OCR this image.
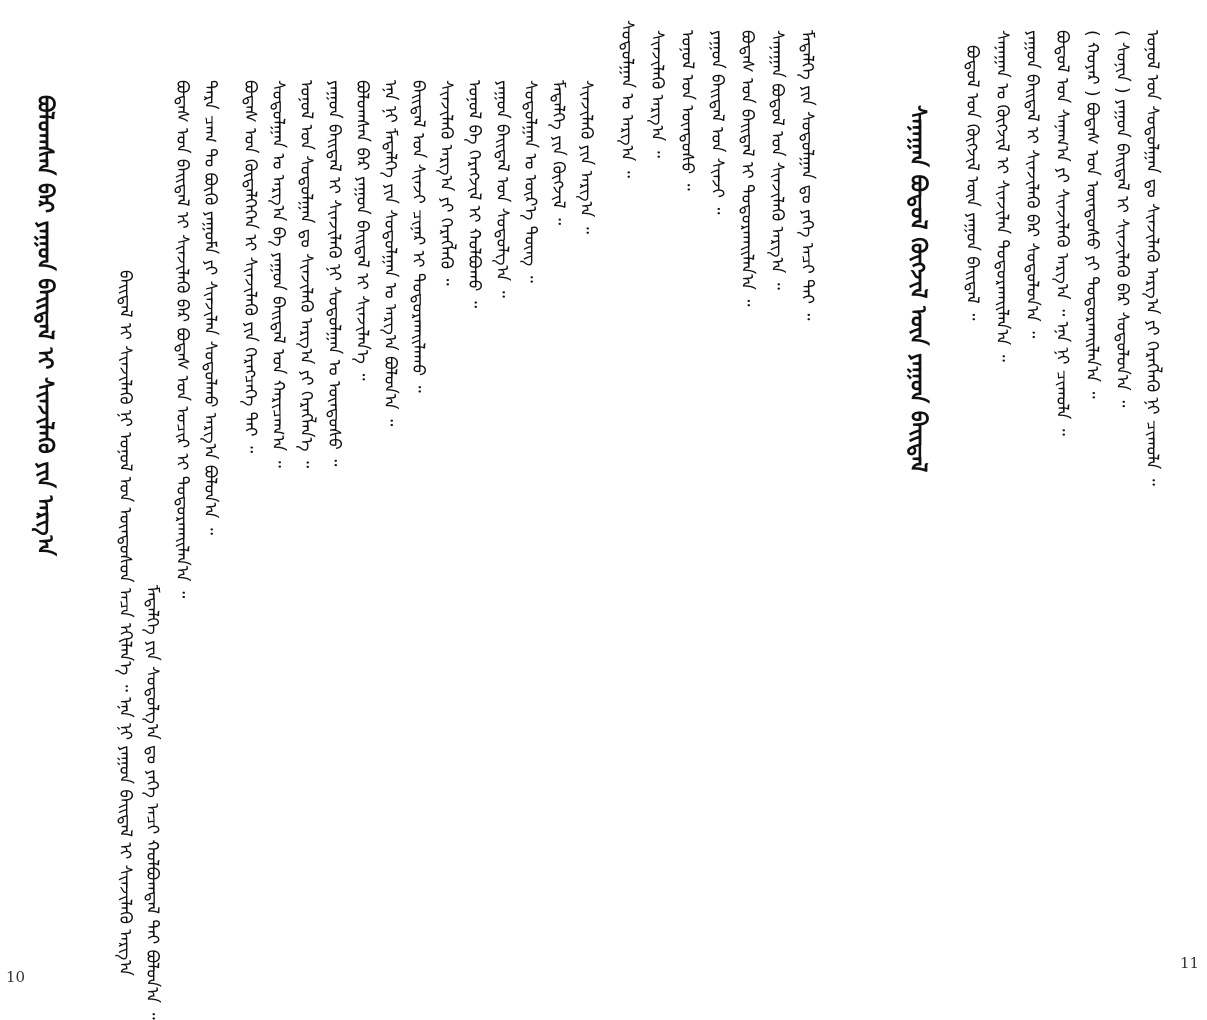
ᠪᠣᠯᠤᠭᠰᠠᠨ ᠪᠡᠷ ᠶᠠᠭᠤᠨ ᠪᠠᠢᠳᠠᠯ ᠢ ᠰᠢᠨᠵᠢᠯᠡᠬᠦ ᠶᠢᠨ ᠠᠷᠭ᠎ᠠ	ᠪᠠᠢᠳᠠᠯ ᠢ ᠰᠢᠨᠵᠢᠯᠡᠬᠦ ᠨᠢ ᠣᠨᠣᠯ ᠤᠨ ᠦᠨᠳᠦᠰᠦᠨ ᠠᠴᠠ ᠡᠬᠢᠯᠡᠨ᠎ᠡ ᠃ ᠡᠨᠡ ᠨᠢ ᠶᠠᠭᠤᠨ ᠪᠠᠢᠳᠠᠯ ᠢ ᠰᠢᠨᠵᠢᠯᠡᠬᠦ ᠠᠷᠭ᠎ᠠ ᠮᠡᠳᠡᠯᠭᠡ ᠶᠢᠨ ᠰᠤᠳᠤᠯᠭ᠎ᠠ ᠳᠤ ᠶᠡᠬᠡ ᠠᠴᠢ ᠬᠣᠯᠪᠣᠭᠳᠠᠯ ᠲᠠᠢ ᠪᠣᠯᠤᠨ᠎ᠠ ᠃
ᠪᠣᠳᠠᠰ ᠤᠨ ᠪᠠᠢᠳᠠᠯ ᠢ ᠰᠢᠨᠵᠢᠯᠡᠬᠦ ᠪᠡᠷ ᠪᠣᠳᠠᠰ ᠤᠨ ᠤᠴᠢᠷ ᠢ ᠲᠣᠳᠤᠷᠬᠠᠢᠯᠠᠨ᠎ᠠ ᠃ ᠲᠡᠷᠡ ᠴᠠᠭ ᠲᠤ ᠪᠦᠬᠦ ᠶᠠᠭᠤᠮᠠ ᠶᠢ ᠰᠢᠨᠵᠢᠯᠡᠨ ᠰᠤᠳᠤᠯᠬᠤ ᠠᠷᠭ᠎ᠠ ᠪᠣᠯᠤᠨ᠎ᠠ ᠃ ᠪᠣᠳᠠᠰ ᠤᠨ ᠬᠥᠳᠡᠯᠭᠡᠭᠡᠨ ᠢ ᠰᠢᠨᠵᠢᠯᠡᠬᠦ ᠶᠢᠨ ᠬᠡᠷᠡᠭᠴᠡᠭᠡ ᠲᠡᠢ ᠃ ᠰᠤᠳᠤᠯᠭᠠᠨ ᠤ ᠠᠷᠭ᠎ᠠ ᠪᠠ ᠶᠠᠭᠤᠨ ᠪᠠᠢᠳᠠᠯ ᠤᠨ ᠬᠠᠷᠢᠴᠠᠭ᠎ᠠ ᠃ ᠣᠨᠣᠯ ᠤᠨ ᠰᠤᠳᠤᠯᠭᠠᠨ ᠳᠤ ᠰᠢᠨᠵᠢᠯᠡᠬᠦ ᠠᠷᠭ᠎ᠠ ᠶᠢ ᠬᠡᠷᠡᠭᠯᠡᠨ᠎ᠡ ᠃ ᠶᠠᠭᠤᠨ ᠪᠠᠢᠳᠠᠯ ᠢ ᠰᠢᠨᠵᠢᠯᠡᠬᠦ ᠨᠢ ᠰᠤᠳᠤᠯᠭᠠᠨ ᠤ ᠦᠨᠳᠦᠰᠦ ᠃ ᠪᠣᠯᠤᠭᠰᠠᠨ ᠪᠡᠷ ᠶᠠᠭᠤᠨ ᠪᠠᠢᠳᠠᠯ ᠢ ᠰᠢᠨᠵᠢᠯᠡᠨ᠎ᠡ ᠃ ᠡᠨᠡ ᠨᠢ ᠮᠡᠳᠡᠯᠭᠡ ᠶᠢᠨ ᠰᠤᠳᠤᠯᠭᠠᠨ ᠤ ᠠᠷᠭ᠎ᠠ ᠪᠣᠯᠤᠨ᠎ᠠ ᠃ ᠪᠠᠢᠳᠠᠯ ᠤᠨ ᠰᠢᠨᠵᠢ ᠴᠢᠨᠠᠷ ᠢ ᠲᠣᠳᠤᠷᠬᠠᠢᠯᠠᠬᠤ ᠃ ᠰᠢᠨᠵᠢᠯᠡᠬᠦ ᠠᠷᠭ᠎ᠠ ᠶᠢ ᠬᠡᠷᠡᠭᠯᠡᠬᠦ ᠃ ᠣᠨᠣᠯ ᠪᠠ ᠬᠡᠷᠡᠭᠵᠢᠯ ᠢ ᠬᠣᠯᠪᠣᠬᠤ ᠃ ᠶᠠᠭᠤᠨ ᠪᠠᠢᠳᠠᠯ ᠤᠨ ᠰᠤᠳᠤᠯᠭ᠎ᠠ ᠃ ᠰᠤᠳᠤᠯᠭᠠᠨ ᠤ ᠦᠷ᠎ᠡ ᠳᠦᠩ ᠃ ᠮᠡᠳᠡᠯᠭᠡ ᠶᠢᠨ ᠬᠥᠭᠵᠢᠯ ᠃ ᠰᠢᠨᠵᠢᠯᠡᠬᠦ ᠶᠢᠨ ᠠᠷᠭ᠎ᠠ ᠃
10
ᠰᠤᠳᠤᠯᠭᠠᠨ ᠤ ᠠᠷᠭ᠎ᠠ ᠃ ᠰᠢᠨᠵᠢᠯᠡᠬᠦ ᠠᠷᠭ᠎ᠠ ᠃ ᠣᠨᠣᠯ ᠤᠨ ᠦᠨᠳᠦᠰᠦ ᠃ ᠶᠠᠭᠤᠨ ᠪᠠᠢᠳᠠᠯ ᠤᠨ ᠰᠢᠨᠵᠢ ᠃ ᠪᠣᠳᠠᠰ ᠤᠨ ᠪᠠᠢᠳᠠᠯ ᠢ ᠲᠣᠳᠤᠷᠬᠠᠢᠯᠠᠨ᠎ᠠ ᠃ ᠰᠠᠨᠠᠭᠠᠨ ᠪᠣᠳᠤᠯ ᠤᠨ ᠰᠢᠨᠵᠢᠯᠡᠬᠦ ᠠᠷᠭ᠎ᠠ ᠃ ᠮᠡᠳᠡᠯᠭᠡ ᠶᠢᠨ ᠰᠤᠳᠤᠯᠭᠠᠨ ᠳᠤ ᠶᠡᠬᠡ ᠠᠴᠢ ᠲᠠᠢ ᠃	ᠰᠠᠨᠠᠭᠠᠨ ᠪᠣᠳᠤᠯ ᠬᠥᠭᠵᠢᠯ ᠦᠨ ᠶᠠᠭᠤᠨ ᠪᠠᠢᠳᠠᠯ	ᠪᠣᠳᠤᠯ ᠤᠨ ᠬᠥᠭᠵᠢᠯ ᠦᠨ ᠶᠠᠭᠤᠨ ᠪᠠᠢᠳᠠᠯ ᠃ ᠰᠠᠨᠠᠭᠠᠨ ᠤ ᠬᠥᠭᠵᠢᠯ ᠢ ᠰᠢᠨᠵᠢᠯᠡᠨ ᠲᠣᠳᠤᠷᠬᠠᠢᠯᠠᠨ᠎ᠠ ᠃ ᠶᠠᠭᠤᠨ ᠪᠠᠢᠳᠠᠯ ᠢ ᠰᠢᠨᠵᠢᠯᠡᠬᠦ ᠪᠡᠷ ᠰᠤᠳᠤᠯᠤᠨ᠎ᠠ ᠃ ᠪᠣᠳᠤᠯ ᠤᠨ ᠰᠠᠨᠠᠭ᠎ᠠ ᠶᠢ ᠰᠢᠨᠵᠢᠯᠡᠬᠦ ᠠᠷᠭ᠎ᠠ ᠃ ᠡᠨᠡ ᠨᠢ ᠴᠢᠬᠤᠯᠠ ᠃ ( ᠬᠣᠶᠠᠷ ) ᠪᠣᠳᠠᠰ ᠤᠨ ᠦᠨᠳᠦᠰᠦ ᠶᠢ ᠲᠣᠳᠤᠷᠬᠠᠢᠯᠠᠨ᠎ᠠ ᠃ ( ᠰᠣᠨᠢᠨ ) ᠶᠠᠭᠤᠨ ᠪᠠᠢᠳᠠᠯ ᠢ ᠰᠢᠨᠵᠢᠯᠡᠬᠦ ᠪᠡᠷ ᠰᠤᠳᠤᠯᠤᠨ᠎ᠠ ᠃ ᠣᠨᠣᠯ ᠤᠨ ᠰᠤᠳᠤᠯᠭᠠᠨ ᠳᠤ ᠰᠢᠨᠵᠢᠯᠡᠬᠦ ᠠᠷᠭ᠎ᠠ ᠶᠢ ᠬᠡᠷᠡᠭᠯᠡᠬᠦ ᠨᠢ ᠴᠢᠬᠤᠯᠠ ᠃
11
